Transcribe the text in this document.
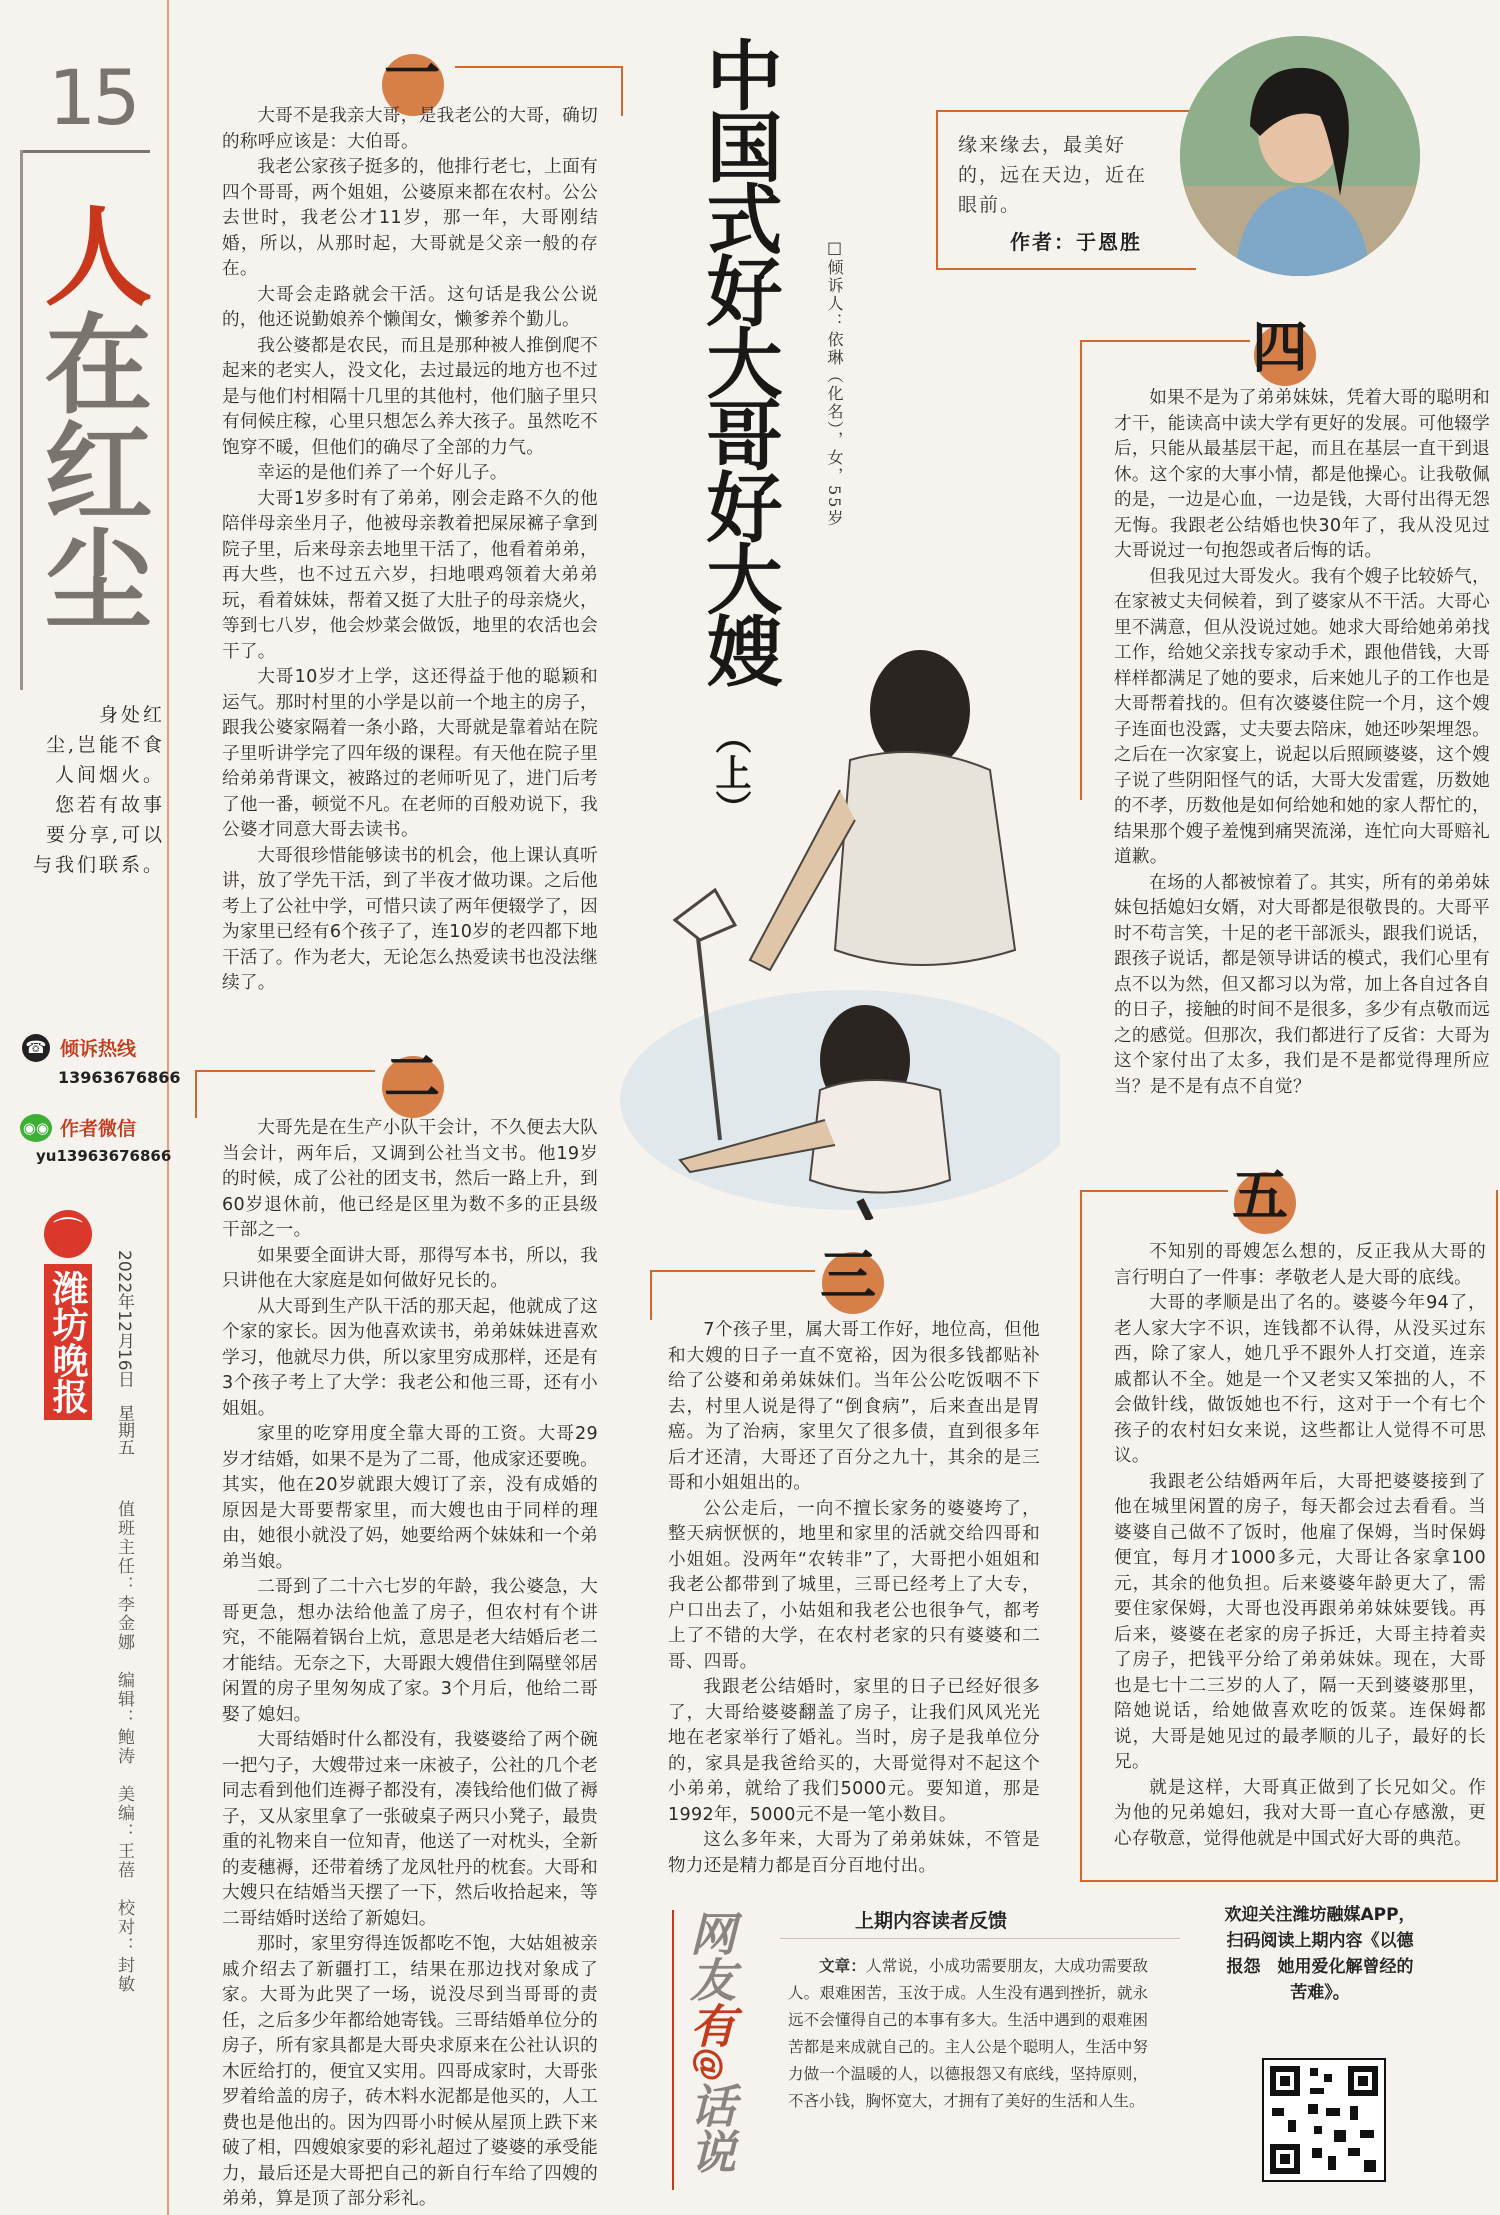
15
人在红尘
身处红
尘,岂能不食
人间烟火。
您若有故事
要分享,可以
与我们联系。
☎ 倾诉热线
13963676866
◉◉ 作者微信
yu13963676866
⌒
潍坊晚报 2022年12月16日　星期五
值班主任：李金娜　编辑：鲍涛　美编：王蓓　校对：封敏
一

大哥不是我亲大哥，是我老公的大哥，确切的称呼应该是：大伯哥。

我老公家孩子挺多的，他排行老七，上面有四个哥哥，两个姐姐，公婆原来都在农村。公公去世时，我老公才11岁，那一年，大哥刚结婚，所以，从那时起，大哥就是父亲一般的存在。

大哥会走路就会干活。这句话是我公公说的，他还说勤娘养个懒闺女，懒爹养个勤儿。

我公婆都是农民，而且是那种被人推倒爬不起来的老实人，没文化，去过最远的地方也不过是与他们村相隔十几里的其他村，他们脑子里只有伺候庄稼，心里只想怎么养大孩子。虽然吃不饱穿不暖，但他们的确尽了全部的力气。

幸运的是他们养了一个好儿子。

大哥1岁多时有了弟弟，刚会走路不久的他陪伴母亲坐月子，他被母亲教着把屎尿褯子拿到院子里，后来母亲去地里干活了，他看着弟弟，再大些，也不过五六岁，扫地喂鸡领着大弟弟玩，看着妹妹，帮着又挺了大肚子的母亲烧火，等到七八岁，他会炒菜会做饭，地里的农活也会干了。

大哥10岁才上学，这还得益于他的聪颖和运气。那时村里的小学是以前一个地主的房子，跟我公婆家隔着一条小路，大哥就是靠着站在院子里听讲学完了四年级的课程。有天他在院子里给弟弟背课文，被路过的老师听见了，进门后考了他一番，顿觉不凡。在老师的百般劝说下，我公婆才同意大哥去读书。

大哥很珍惜能够读书的机会，他上课认真听讲，放了学先干活，到了半夜才做功课。之后他考上了公社中学，可惜只读了两年便辍学了，因为家里已经有6个孩子了，连10岁的老四都下地干活了。作为老大，无论怎么热爱读书也没法继续了。

二

大哥先是在生产小队干会计，不久便去大队当会计，两年后，又调到公社当文书。他19岁的时候，成了公社的团支书，然后一路上升，到60岁退休前，他已经是区里为数不多的正县级干部之一。

如果要全面讲大哥，那得写本书，所以，我只讲他在大家庭是如何做好兄长的。

从大哥到生产队干活的那天起，他就成了这个家的家长。因为他喜欢读书，弟弟妹妹进喜欢学习，他就尽力供，所以家里穷成那样，还是有3个孩子考上了大学：我老公和他三哥，还有小姐姐。

家里的吃穿用度全靠大哥的工资。大哥29岁才结婚，如果不是为了二哥，他成家还要晚。其实，他在20岁就跟大嫂订了亲，没有成婚的原因是大哥要帮家里，而大嫂也由于同样的理由，她很小就没了妈，她要给两个妹妹和一个弟弟当娘。

二哥到了二十六七岁的年龄，我公婆急，大哥更急，想办法给他盖了房子，但农村有个讲究，不能隔着锅台上炕，意思是老大结婚后老二才能结。无奈之下，大哥跟大嫂借住到隔壁邻居闲置的房子里匆匆成了家。3个月后，他给二哥娶了媳妇。

大哥结婚时什么都没有，我婆婆给了两个碗一把勺子，大嫂带过来一床被子，公社的几个老同志看到他们连褥子都没有，凑钱给他们做了褥子，又从家里拿了一张破桌子两只小凳子，最贵重的礼物来自一位知青，他送了一对枕头，全新的麦穗褥，还带着绣了龙凤牡丹的枕套。大哥和大嫂只在结婚当天摆了一下，然后收拾起来，等二哥结婚时送给了新媳妇。

那时，家里穷得连饭都吃不饱，大姑姐被亲戚介绍去了新疆打工，结果在那边找对象成了家。大哥为此哭了一场，说没尽到当哥哥的责任，之后多少年都给她寄钱。三哥结婚单位分的房子，所有家具都是大哥央求原来在公社认识的木匠给打的，便宜又实用。四哥成家时，大哥张罗着给盖的房子，砖木料水泥都是他买的，人工费也是他出的。因为四哥小时候从屋顶上跌下来破了相，四嫂娘家要的彩礼超过了婆婆的承受能力，最后还是大哥把自己的新自行车给了四嫂的弟弟，算是顶了部分彩礼。

中国式好大哥好大嫂
（上）
□倾诉人：依琳（化名），女，55岁
缘来缘去，最美好的，远在天边，近在眼前。
作者：于恩胜
四

如果不是为了弟弟妹妹，凭着大哥的聪明和才干，能读高中读大学有更好的发展。可他辍学后，只能从最基层干起，而且在基层一直干到退休。这个家的大事小情，都是他操心。让我敬佩的是，一边是心血，一边是钱，大哥付出得无怨无悔。我跟老公结婚也快30年了，我从没见过大哥说过一句抱怨或者后悔的话。

但我见过大哥发火。我有个嫂子比较娇气，在家被丈夫伺候着，到了婆家从不干活。大哥心里不满意，但从没说过她。她求大哥给她弟弟找工作，给她父亲找专家动手术，跟他借钱，大哥样样都满足了她的要求，后来她儿子的工作也是大哥帮着找的。但有次婆婆住院一个月，这个嫂子连面也没露，丈夫要去陪床，她还吵架埋怨。之后在一次家宴上，说起以后照顾婆婆，这个嫂子说了些阴阳怪气的话，大哥大发雷霆，历数她的不孝，历数他是如何给她和她的家人帮忙的，结果那个嫂子羞愧到痛哭流涕，连忙向大哥赔礼道歉。

在场的人都被惊着了。其实，所有的弟弟妹妹包括媳妇女婿，对大哥都是很敬畏的。大哥平时不苟言笑，十足的老干部派头，跟我们说话，跟孩子说话，都是领导讲话的模式，我们心里有点不以为然，但又都习以为常，加上各自过各自的日子，接触的时间不是很多，多少有点敬而远之的感觉。但那次，我们都进行了反省：大哥为这个家付出了太多，我们是不是都觉得理所应当？是不是有点不自觉？

三

7个孩子里，属大哥工作好，地位高，但他和大嫂的日子一直不宽裕，因为很多钱都贴补给了公婆和弟弟妹妹们。当年公公吃饭咽不下去，村里人说是得了“倒食病”，后来查出是胃癌。为了治病，家里欠了很多债，直到很多年后才还清，大哥还了百分之九十，其余的是三哥和小姐姐出的。

公公走后，一向不擅长家务的婆婆垮了，整天病恹恹的，地里和家里的活就交给四哥和小姐姐。没两年“农转非”了，大哥把小姐姐和我老公都带到了城里，三哥已经考上了大专，户口出去了，小姑姐和我老公也很争气，都考上了不错的大学，在农村老家的只有婆婆和二哥、四哥。

我跟老公结婚时，家里的日子已经好很多了，大哥给婆婆翻盖了房子，让我们风风光光地在老家举行了婚礼。当时，房子是我单位分的，家具是我爸给买的，大哥觉得对不起这个小弟弟，就给了我们5000元。要知道，那是1992年，5000元不是一笔小数目。

这么多年来，大哥为了弟弟妹妹，不管是物力还是精力都是百分百地付出。

五

不知别的哥嫂怎么想的，反正我从大哥的言行明白了一件事：孝敬老人是大哥的底线。

大哥的孝顺是出了名的。婆婆今年94了，老人家大字不识，连钱都不认得，从没买过东西，除了家人，她几乎不跟外人打交道，连亲戚都认不全。她是一个又老实又笨拙的人，不会做针线，做饭她也不行，这对于一个有七个孩子的农村妇女来说，这些都让人觉得不可思议。

我跟老公结婚两年后，大哥把婆婆接到了他在城里闲置的房子，每天都会过去看看。当婆婆自己做不了饭时，他雇了保姆，当时保姆便宜，每月才1000多元，大哥让各家拿100元，其余的他负担。后来婆婆年龄更大了，需要住家保姆，大哥也没再跟弟弟妹妹要钱。再后来，婆婆在老家的房子拆迁，大哥主持着卖了房子，把钱平分给了弟弟妹妹。现在，大哥也是七十二三岁的人了，隔一天到婆婆那里，陪她说话，给她做喜欢吃的饭菜。连保姆都说，大哥是她见过的最孝顺的儿子，最好的长兄。

就是这样，大哥真正做到了长兄如父。作为他的兄弟媳妇，我对大哥一直心存感激，更心存敬意，觉得他就是中国式好大哥的典范。

网友有@话说
上期内容读者反馈
文章：人常说，小成功需要朋友，大成功需要敌人。艰难困苦，玉汝于成。人生没有遇到挫折，就永远不会懂得自己的本事有多大。生活中遇到的艰难困苦都是来成就自己的。主人公是个聪明人，生活中努力做一个温暖的人，以德报怨又有底线，坚持原则，不吝小钱，胸怀宽大，才拥有了美好的生活和人生。
欢迎关注潍坊融媒APP，扫码阅读上期内容《以德报怨　她用爱化解曾经的苦难》。
